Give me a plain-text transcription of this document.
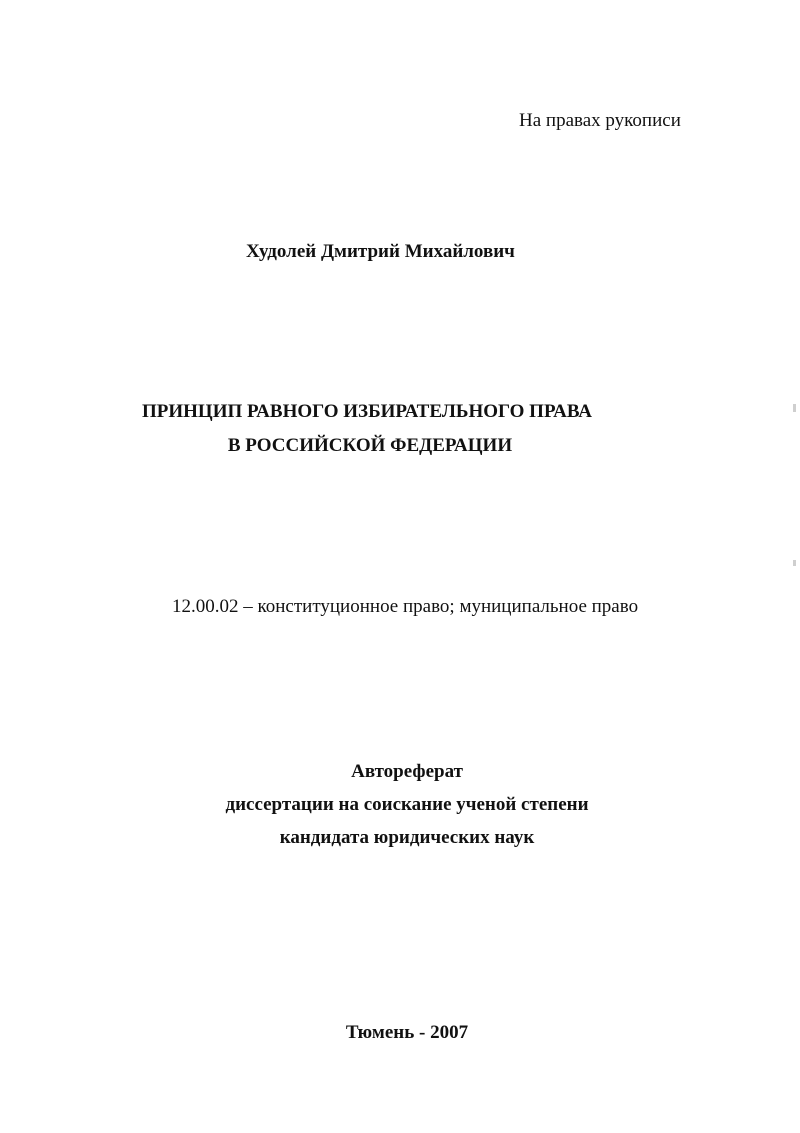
На правах рукописи
Худолей Дмитрий Михайлович
ПРИНЦИП РАВНОГО ИЗБИРАТЕЛЬНОГО ПРАВА
В РОССИЙСКОЙ ФЕДЕРАЦИИ
12.00.02 – конституционное право; муниципальное право
Автореферат
диссертации на соискание ученой степени
кандидата юридических наук
Тюмень - 2007
